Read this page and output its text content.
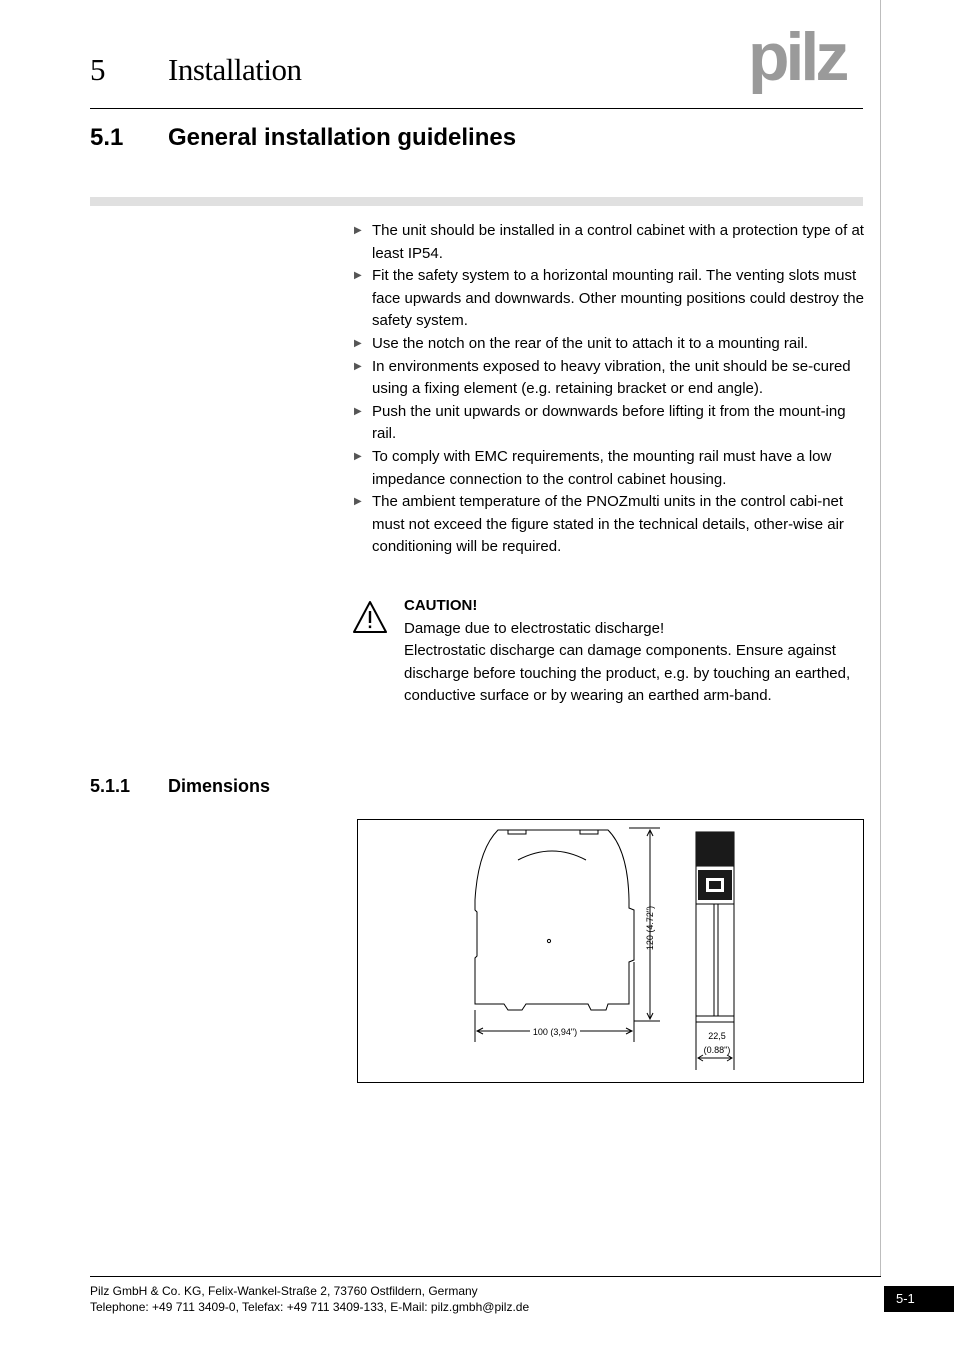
5 Installation	pilz
5.1 General installation guidelines
▶ The unit should be installed in a control cabinet with a protection type of at least IP54.
▶ Fit the safety system to a horizontal mounting rail. The venting slots must face upwards and downwards. Other mounting positions could destroy the safety system.
▶ Use the notch on the rear of the unit to attach it to a mounting rail.
▶ In environments exposed to heavy vibration, the unit should be se-cured using a fixing element (e.g. retaining bracket or end angle).
▶ Push the unit upwards or downwards before lifting it from the mount-ing rail.
▶ To comply with EMC requirements, the mounting rail must have a low impedance connection to the control cabinet housing.
▶ The ambient temperature of the PNOZmulti units in the control cabi-net must not exceed the figure stated in the technical details, other-wise air conditioning will be required.
CAUTION!
Damage due to electrostatic discharge!
Electrostatic discharge can damage components. Ensure against discharge before touching the product, e.g. by touching an earthed, conductive surface or by wearing an earthed arm-band.
5.1.1 Dimensions
100 (3,94")
120 (4.72")
22,5
(0.88")
Pilz GmbH & Co. KG, Felix-Wankel-Straße 2, 73760 Ostfildern, Germany
Telephone: +49 711 3409-0, Telefax: +49 711 3409-133, E-Mail: pilz.gmbh@pilz.de
5-1
